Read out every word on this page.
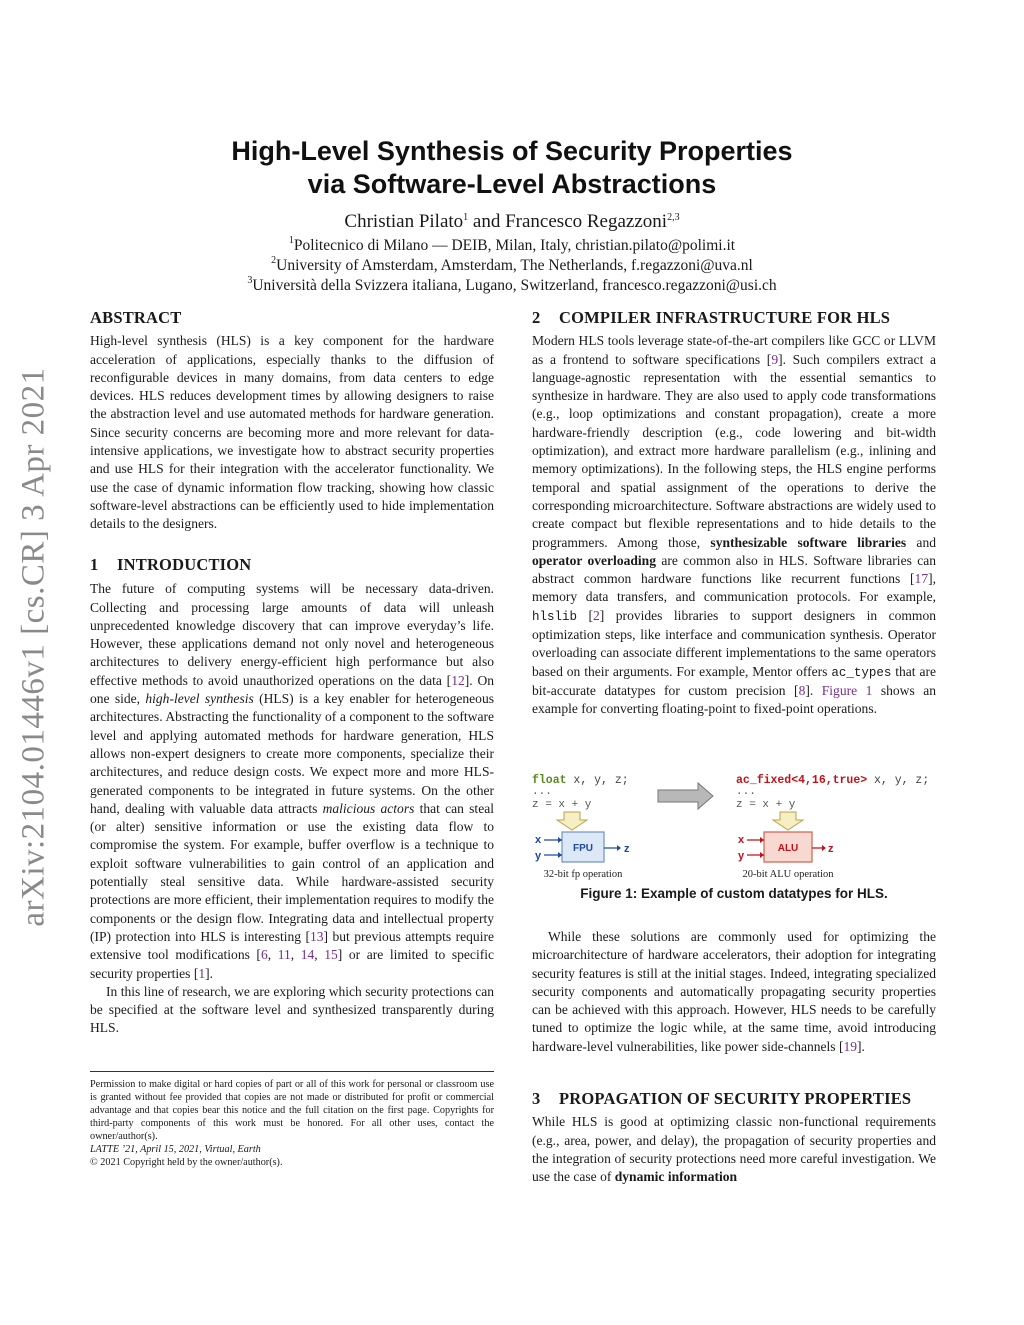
arXiv:2104.01446v1 [cs.CR] 3 Apr 2021
High-Level Synthesis of Security Properties
via Software-Level Abstractions
Christian Pilato$^1$ and Francesco Regazzoni$^{2,3}$
$^1$Politecnico di Milano — DEIB, Milan, Italy, christian.pilato@polimi.it
$^2$University of Amsterdam, Amsterdam, The Netherlands, f.regazzoni@uva.nl
$^3$Università della Svizzera italiana, Lugano, Switzerland, francesco.regazzoni@usi.ch
ABSTRACT

High-level synthesis (HLS) is a key component for the hardware acceleration of applications, especially thanks to the diffusion of reconfigurable devices in many domains, from data centers to edge devices. HLS reduces development times by allowing designers to raise the abstraction level and use automated methods for hardware generation. Since security concerns are becoming more and more relevant for data-intensive applications, we investigate how to abstract security properties and use HLS for their integration with the accelerator functionality. We use the case of dynamic information flow tracking, showing how classic software-level abstractions can be efficiently used to hide implementation details to the designers.

1 INTRODUCTION

The future of computing systems will be necessary data-driven. Collecting and processing large amounts of data will unleash unprecedented knowledge discovery that can improve everyday’s life. However, these applications demand not only novel and heterogeneous architectures to delivery energy-efficient high performance but also effective methods to avoid unauthorized operations on the data [12]. On one side, high-level synthesis (HLS) is a key enabler for heterogeneous architectures. Abstracting the functionality of a component to the software level and applying automated methods for hardware generation, HLS allows non-expert designers to create more components, specialize their architectures, and reduce design costs. We expect more and more HLS-generated components to be integrated in future systems. On the other hand, dealing with valuable data attracts malicious actors that can steal (or alter) sensitive information or use the existing data flow to compromise the system. For example, buffer overflow is a technique to exploit software vulnerabilities to gain control of an application and potentially steal sensitive data. While hardware-assisted security protections are more efficient, their implementation requires to modify the components or the design flow. Integrating data and intellectual property (IP) protection into HLS is interesting [13] but previous attempts require extensive tool modifications [6, 11, 14, 15] or are limited to specific security properties [1].

In this line of research, we are exploring which security protections can be specified at the software level and synthesized transparently during HLS.

Permission to make digital or hard copies of part or all of this work for personal or classroom use is granted without fee provided that copies are not made or distributed for profit or commercial advantage and that copies bear this notice and the full citation on the first page. Copyrights for third-party components of this work must be honored. For all other uses, contact the owner/author(s).

LATTE ’21, April 15, 2021, Virtual, Earth

© 2021 Copyright held by the owner/author(s).

2 COMPILER INFRASTRUCTURE FOR HLS

Modern HLS tools leverage state-of-the-art compilers like GCC or LLVM as a frontend to software specifications [9]. Such compilers extract a language-agnostic representation with the essential semantics to synthesize in hardware. They are also used to apply code transformations (e.g., loop optimizations and constant propagation), create a more hardware-friendly description (e.g., code lowering and bit-width optimization), and extract more hardware parallelism (e.g., inlining and memory optimizations). In the following steps, the HLS engine performs temporal and spatial assignment of the operations to derive the corresponding microarchitecture. Software abstractions are widely used to create compact but flexible representations and to hide details to the programmers. Among those, synthesizable software libraries and operator overloading are common also in HLS. Software libraries can abstract common hardware functions like recurrent functions [17], memory data transfers, and communication protocols. For example, hlslib [2] provides libraries to support designers in common optimization steps, like interface and communication synthesis. Operator overloading can associate different implementations to the same operators based on their arguments. For example, Mentor offers ac_types that are bit-accurate datatypes for custom precision [8]. Figure 1 shows an example for converting floating-point to fixed-point operations.

float x, y, z;
...
z = x + y
FPU
x
y
z
32-bit fp operation
ac_fixed<4,16,true> x, y, z;
...
z = x + y
ALU
x
y
z
20-bit ALU operation
Figure 1: Example of custom datatypes for HLS.

While these solutions are commonly used for optimizing the microarchitecture of hardware accelerators, their adoption for integrating security features is still at the initial stages. Indeed, integrating specialized security components and automatically propagating security properties can be achieved with this approach. However, HLS needs to be carefully tuned to optimize the logic while, at the same time, avoid introducing hardware-level vulnerabilities, like power side-channels [19].

3 PROPAGATION OF SECURITY PROPERTIES

While HLS is good at optimizing classic non-functional requirements (e.g., area, power, and delay), the propagation of security properties and the integration of security protections need more careful investigation. We use the case of dynamic information
